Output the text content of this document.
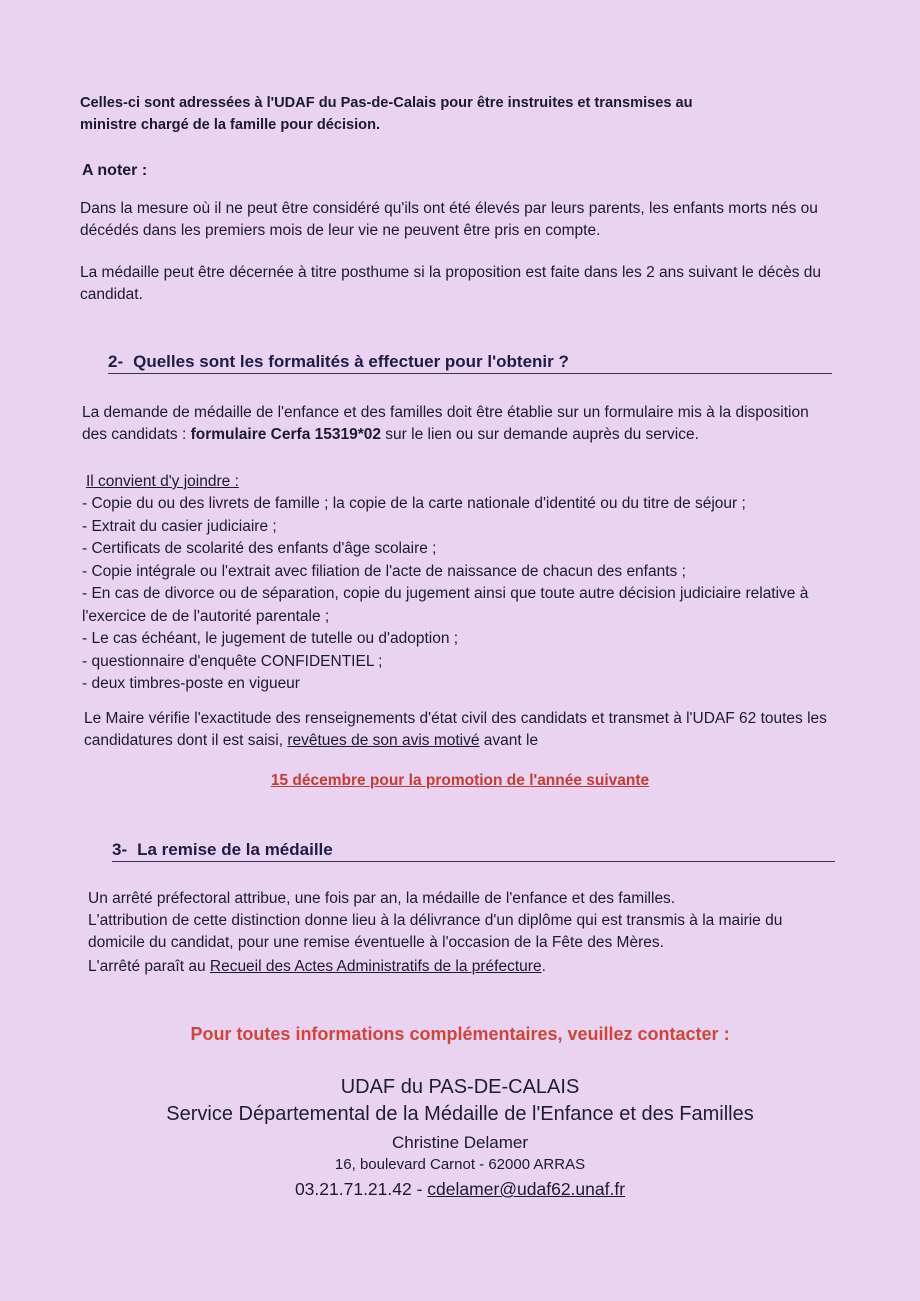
Celles-ci sont adressées à l'UDAF du Pas-de-Calais pour être instruites et transmises au
ministre chargé de la famille pour décision.
A noter :
Dans la mesure où il ne peut être considéré qu'ils ont été élevés par leurs parents, les enfants morts nés ou décédés dans les premiers mois de leur vie ne peuvent être pris en compte.
La médaille peut être décernée à titre posthume si la proposition est faite dans les 2 ans suivant le décès du candidat.
2- Quelles sont les formalités à effectuer pour l'obtenir ?
La demande de médaille de l'enfance et des familles doit être établie sur un formulaire mis à la disposition des candidats : formulaire Cerfa 15319*02 sur le lien ou sur demande auprès du service.
Il convient d'y joindre :
- Copie du ou des livrets de famille ; la copie de la carte nationale d'identité ou du titre de séjour ;
- Extrait du casier judiciaire ;
- Certificats de scolarité des enfants d'âge scolaire ;
- Copie intégrale ou l'extrait avec filiation de l'acte de naissance de chacun des enfants ;
- En cas de divorce ou de séparation, copie du jugement ainsi que toute autre décision judiciaire relative à l'exercice de de l'autorité parentale ;
- Le cas échéant, le jugement de tutelle ou d'adoption ;
- questionnaire d'enquête CONFIDENTIEL ;
- deux timbres-poste en vigueur
Le Maire vérifie l'exactitude des renseignements d'état civil des candidats et transmet à l'UDAF 62 toutes les candidatures dont il est saisi, revêtues de son avis motivé avant le
15 décembre pour la promotion de l'année suivante
3- La remise de la médaille
Un arrêté préfectoral attribue, une fois par an, la médaille de l'enfance et des familles.
L'attribution de cette distinction donne lieu à la délivrance d'un diplôme qui est transmis à la mairie du domicile du candidat, pour une remise éventuelle à l'occasion de la Fête des Mères.
L'arrêté paraît au Recueil des Actes Administratifs de la préfecture.
Pour toutes informations complémentaires, veuillez contacter :
UDAF du PAS-DE-CALAIS
Service Départemental de la Médaille de l'Enfance et des Familles
Christine Delamer
16, boulevard Carnot - 62000 ARRAS
03.21.71.21.42 - cdelamer@udaf62.unaf.fr
